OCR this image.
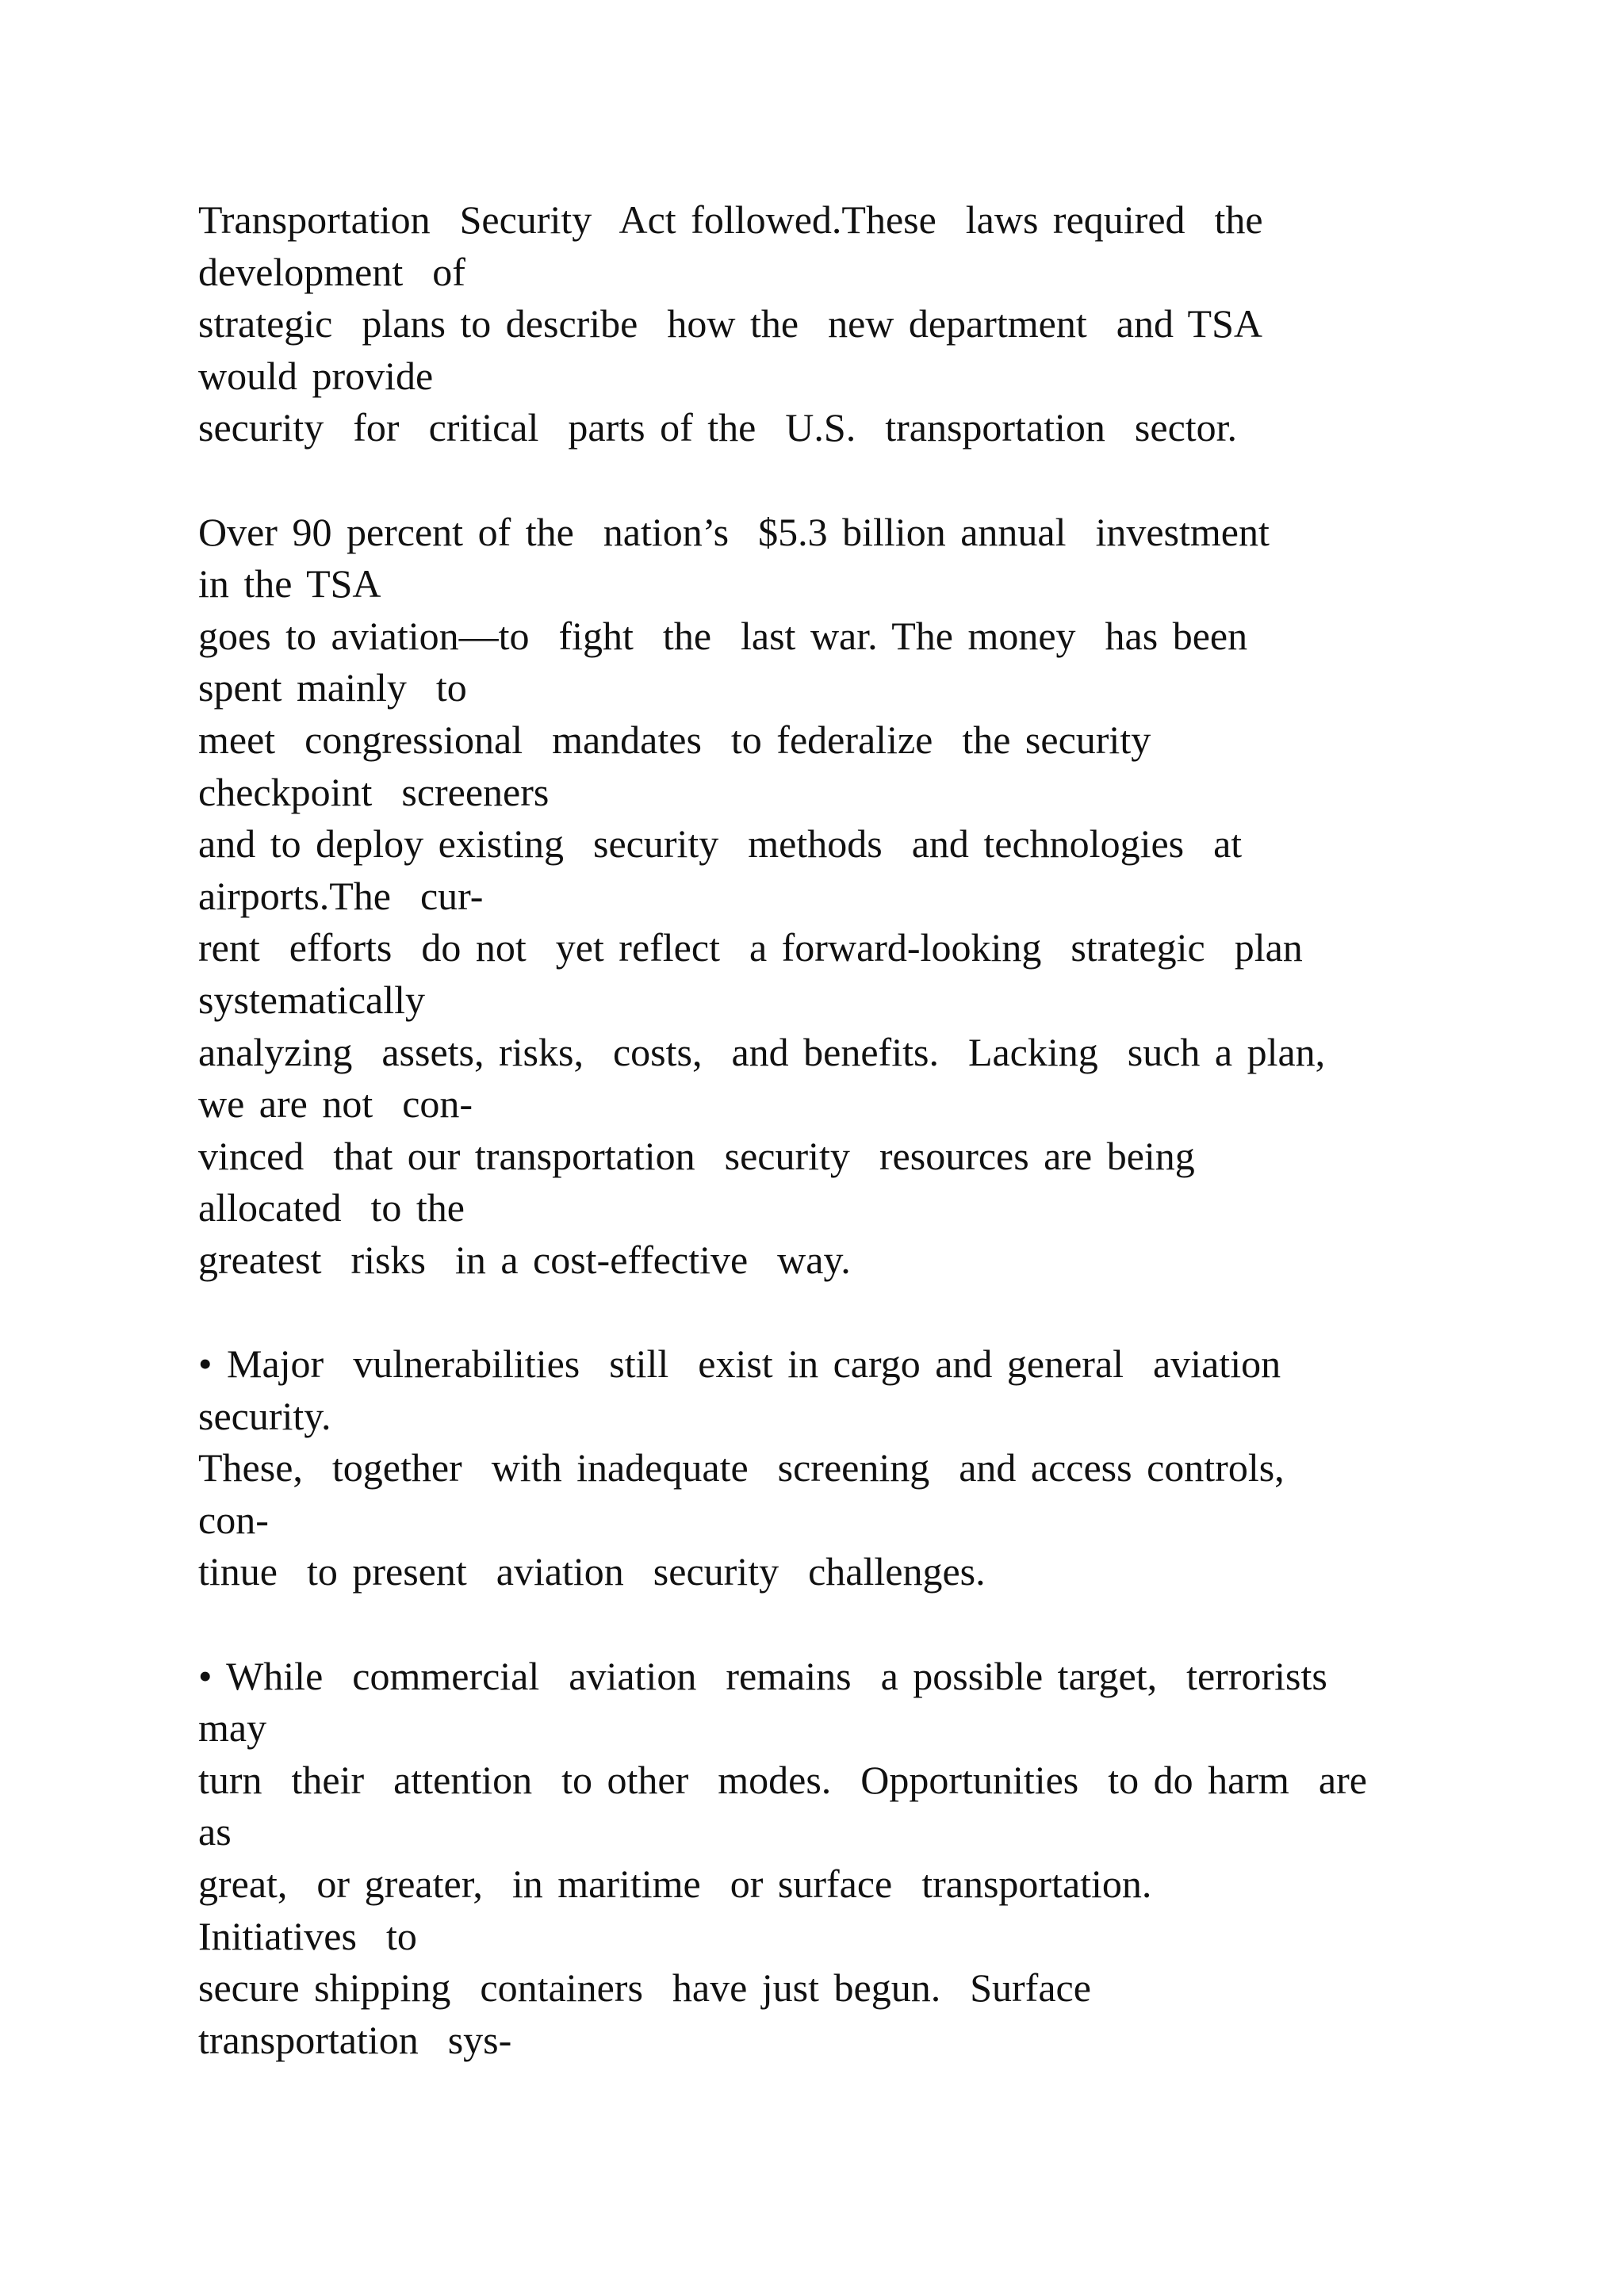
Transportation  Security  Act followed.These  laws required  the
development  of
strategic  plans to describe  how the  new department  and TSA
would provide
security  for  critical  parts of the  U.S.  transportation  sector.
Over 90 percent of the  nation’s  $5.3 billion annual  investment
in the TSA
goes to aviation—to  fight  the  last war. The money  has been
spent mainly  to
meet  congressional  mandates  to federalize  the security
checkpoint  screeners
and to deploy existing  security  methods  and technologies  at
airports.The  cur-
rent  efforts  do not  yet reflect  a forward-looking  strategic  plan
systematically
analyzing  assets, risks,  costs,  and benefits.  Lacking  such a plan,
we are not  con-
vinced  that our transportation  security  resources are being
allocated  to the
greatest  risks  in a cost-effective  way.
• Major  vulnerabilities  still  exist in cargo and general  aviation
security.
These,  together  with inadequate  screening  and access controls,
con-
tinue  to present  aviation  security  challenges.
• While  commercial  aviation  remains  a possible target,  terrorists
may
turn  their  attention  to other  modes.  Opportunities  to do harm  are
as
great,  or greater,  in maritime  or surface  transportation.
Initiatives  to
secure shipping  containers  have just begun.  Surface
transportation  sys-
